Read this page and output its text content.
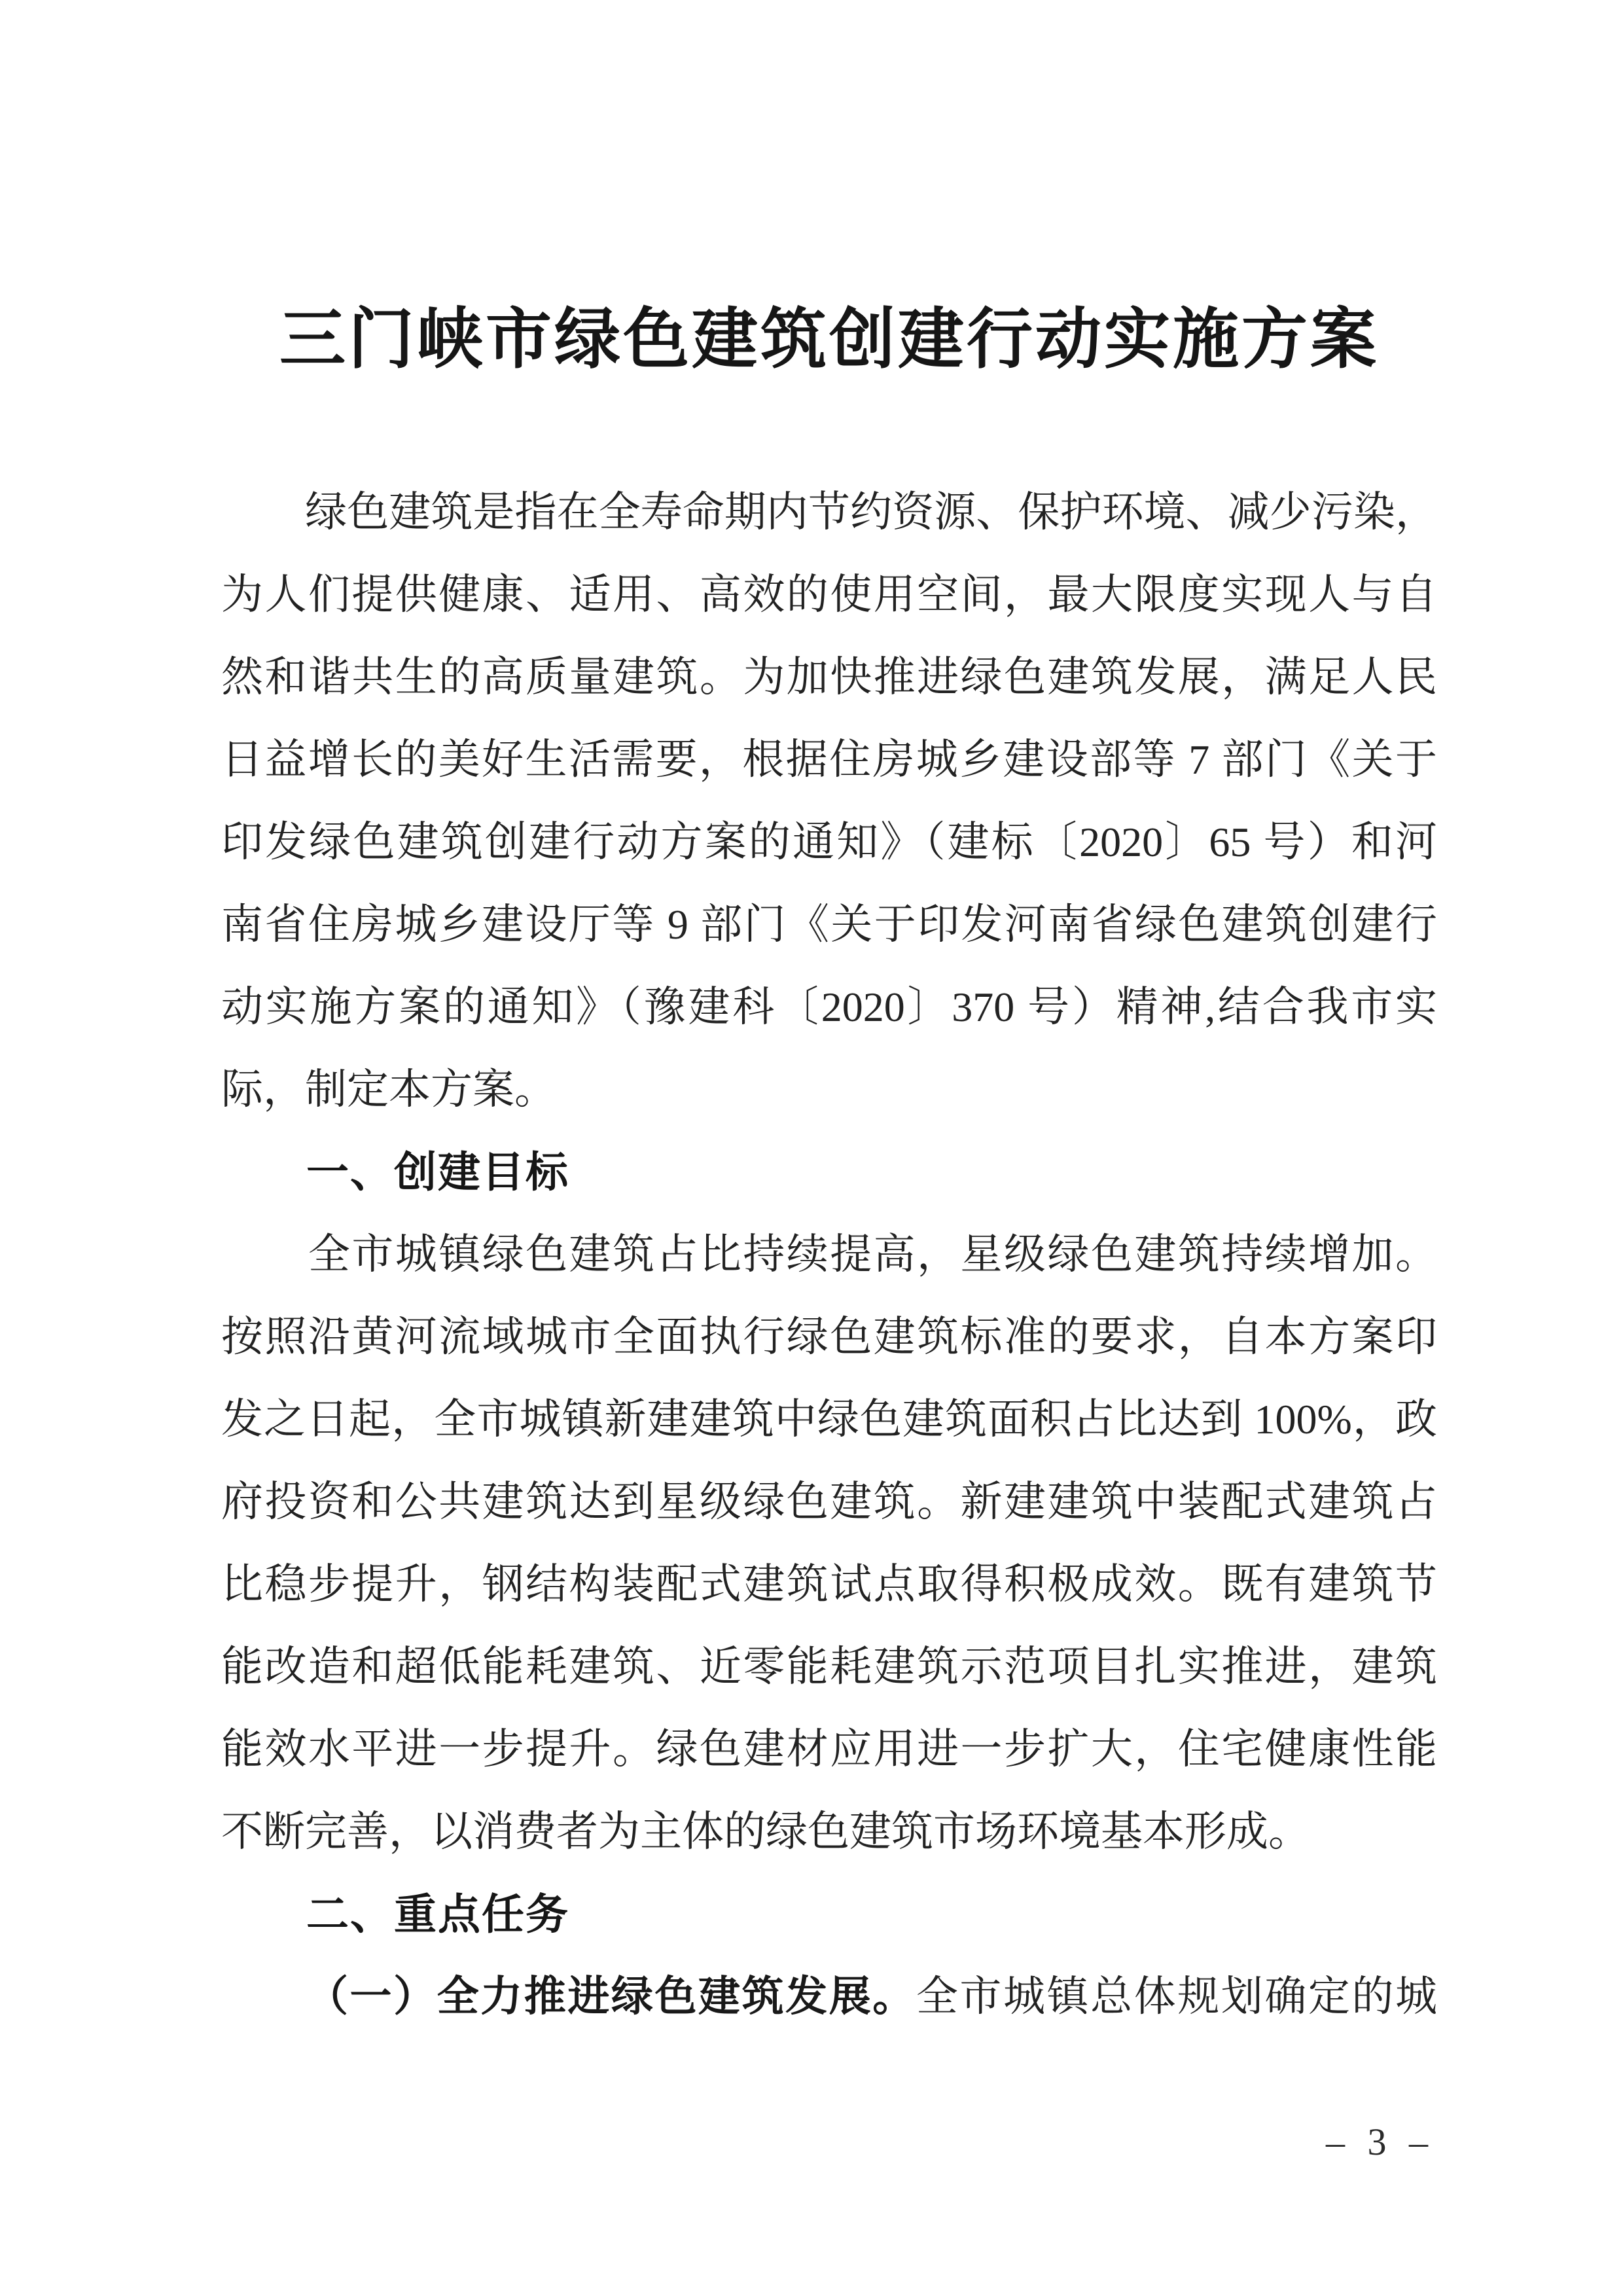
三门峡市绿色建筑创建行动实施方案
　　绿色建筑是指在全寿命期内节约资源、保护环境、减少污染，
为人们提供健康、适用、高效的使用空间，最大限度实现人与自
然和谐共生的高质量建筑。为加快推进绿色建筑发展，满足人民
日益增长的美好生活需要，根据住房城乡建设部等 7 部门《关于
印发绿色建筑创建行动方案的通知》（建标〔2020〕65 号）和河
南省住房城乡建设厅等 9 部门《关于印发河南省绿色建筑创建行
动实施方案的通知》（豫建科〔2020〕370 号）精神,结合我市实
际，制定本方案。
一、创建目标
　　全市城镇绿色建筑占比持续提高，星级绿色建筑持续增加。
按照沿黄河流域城市全面执行绿色建筑标准的要求，自本方案印
发之日起，全市城镇新建建筑中绿色建筑面积占比达到 100%，政
府投资和公共建筑达到星级绿色建筑。新建建筑中装配式建筑占
比稳步提升，钢结构装配式建筑试点取得积极成效。既有建筑节
能改造和超低能耗建筑、近零能耗建筑示范项目扎实推进，建筑
能效水平进一步提升。绿色建材应用进一步扩大，住宅健康性能
不断完善，以消费者为主体的绿色建筑市场环境基本形成。
二、重点任务
（一）全力推进绿色建筑发展。全市城镇总体规划确定的城
– 3 –
